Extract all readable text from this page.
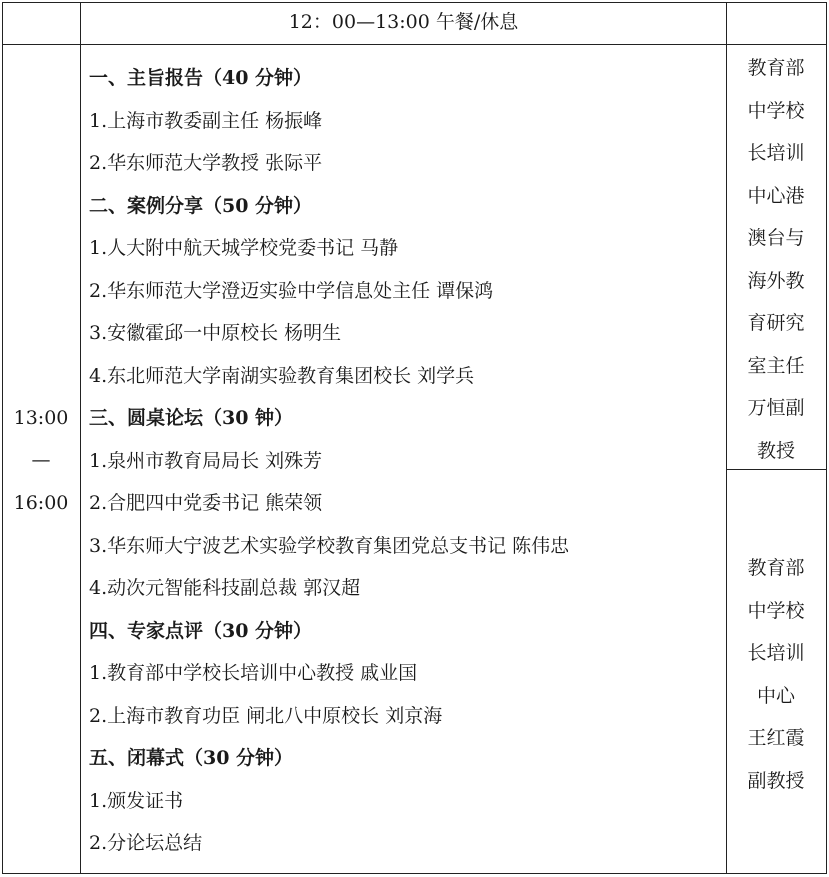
12：00—13:00 午餐/休息
13:00
—
16:00
一、主旨报告（40 分钟）
1.上海市教委副主任 杨振峰
2.华东师范大学教授 张际平
二、案例分享（50 分钟）
1.人大附中航天城学校党委书记 马静
2.华东师范大学澄迈实验中学信息处主任 谭保鸿
3.安徽霍邱一中原校长 杨明生
4.东北师范大学南湖实验教育集团校长 刘学兵
三、圆桌论坛（30 钟）
1.泉州市教育局局长 刘殊芳
2.合肥四中党委书记 熊荣领
3.华东师大宁波艺术实验学校教育集团党总支书记 陈伟忠
4.动次元智能科技副总裁 郭汉超
四、专家点评（30 分钟）
1.教育部中学校长培训中心教授 戚业国
2.上海市教育功臣 闸北八中原校长 刘京海
五、闭幕式（30 分钟）
1.颁发证书
2.分论坛总结
教育部
中学校
长培训
中心港
澳台与
海外教
育研究
室主任
万恒副
教授
教育部
中学校
长培训
中心
王红霞
副教授
